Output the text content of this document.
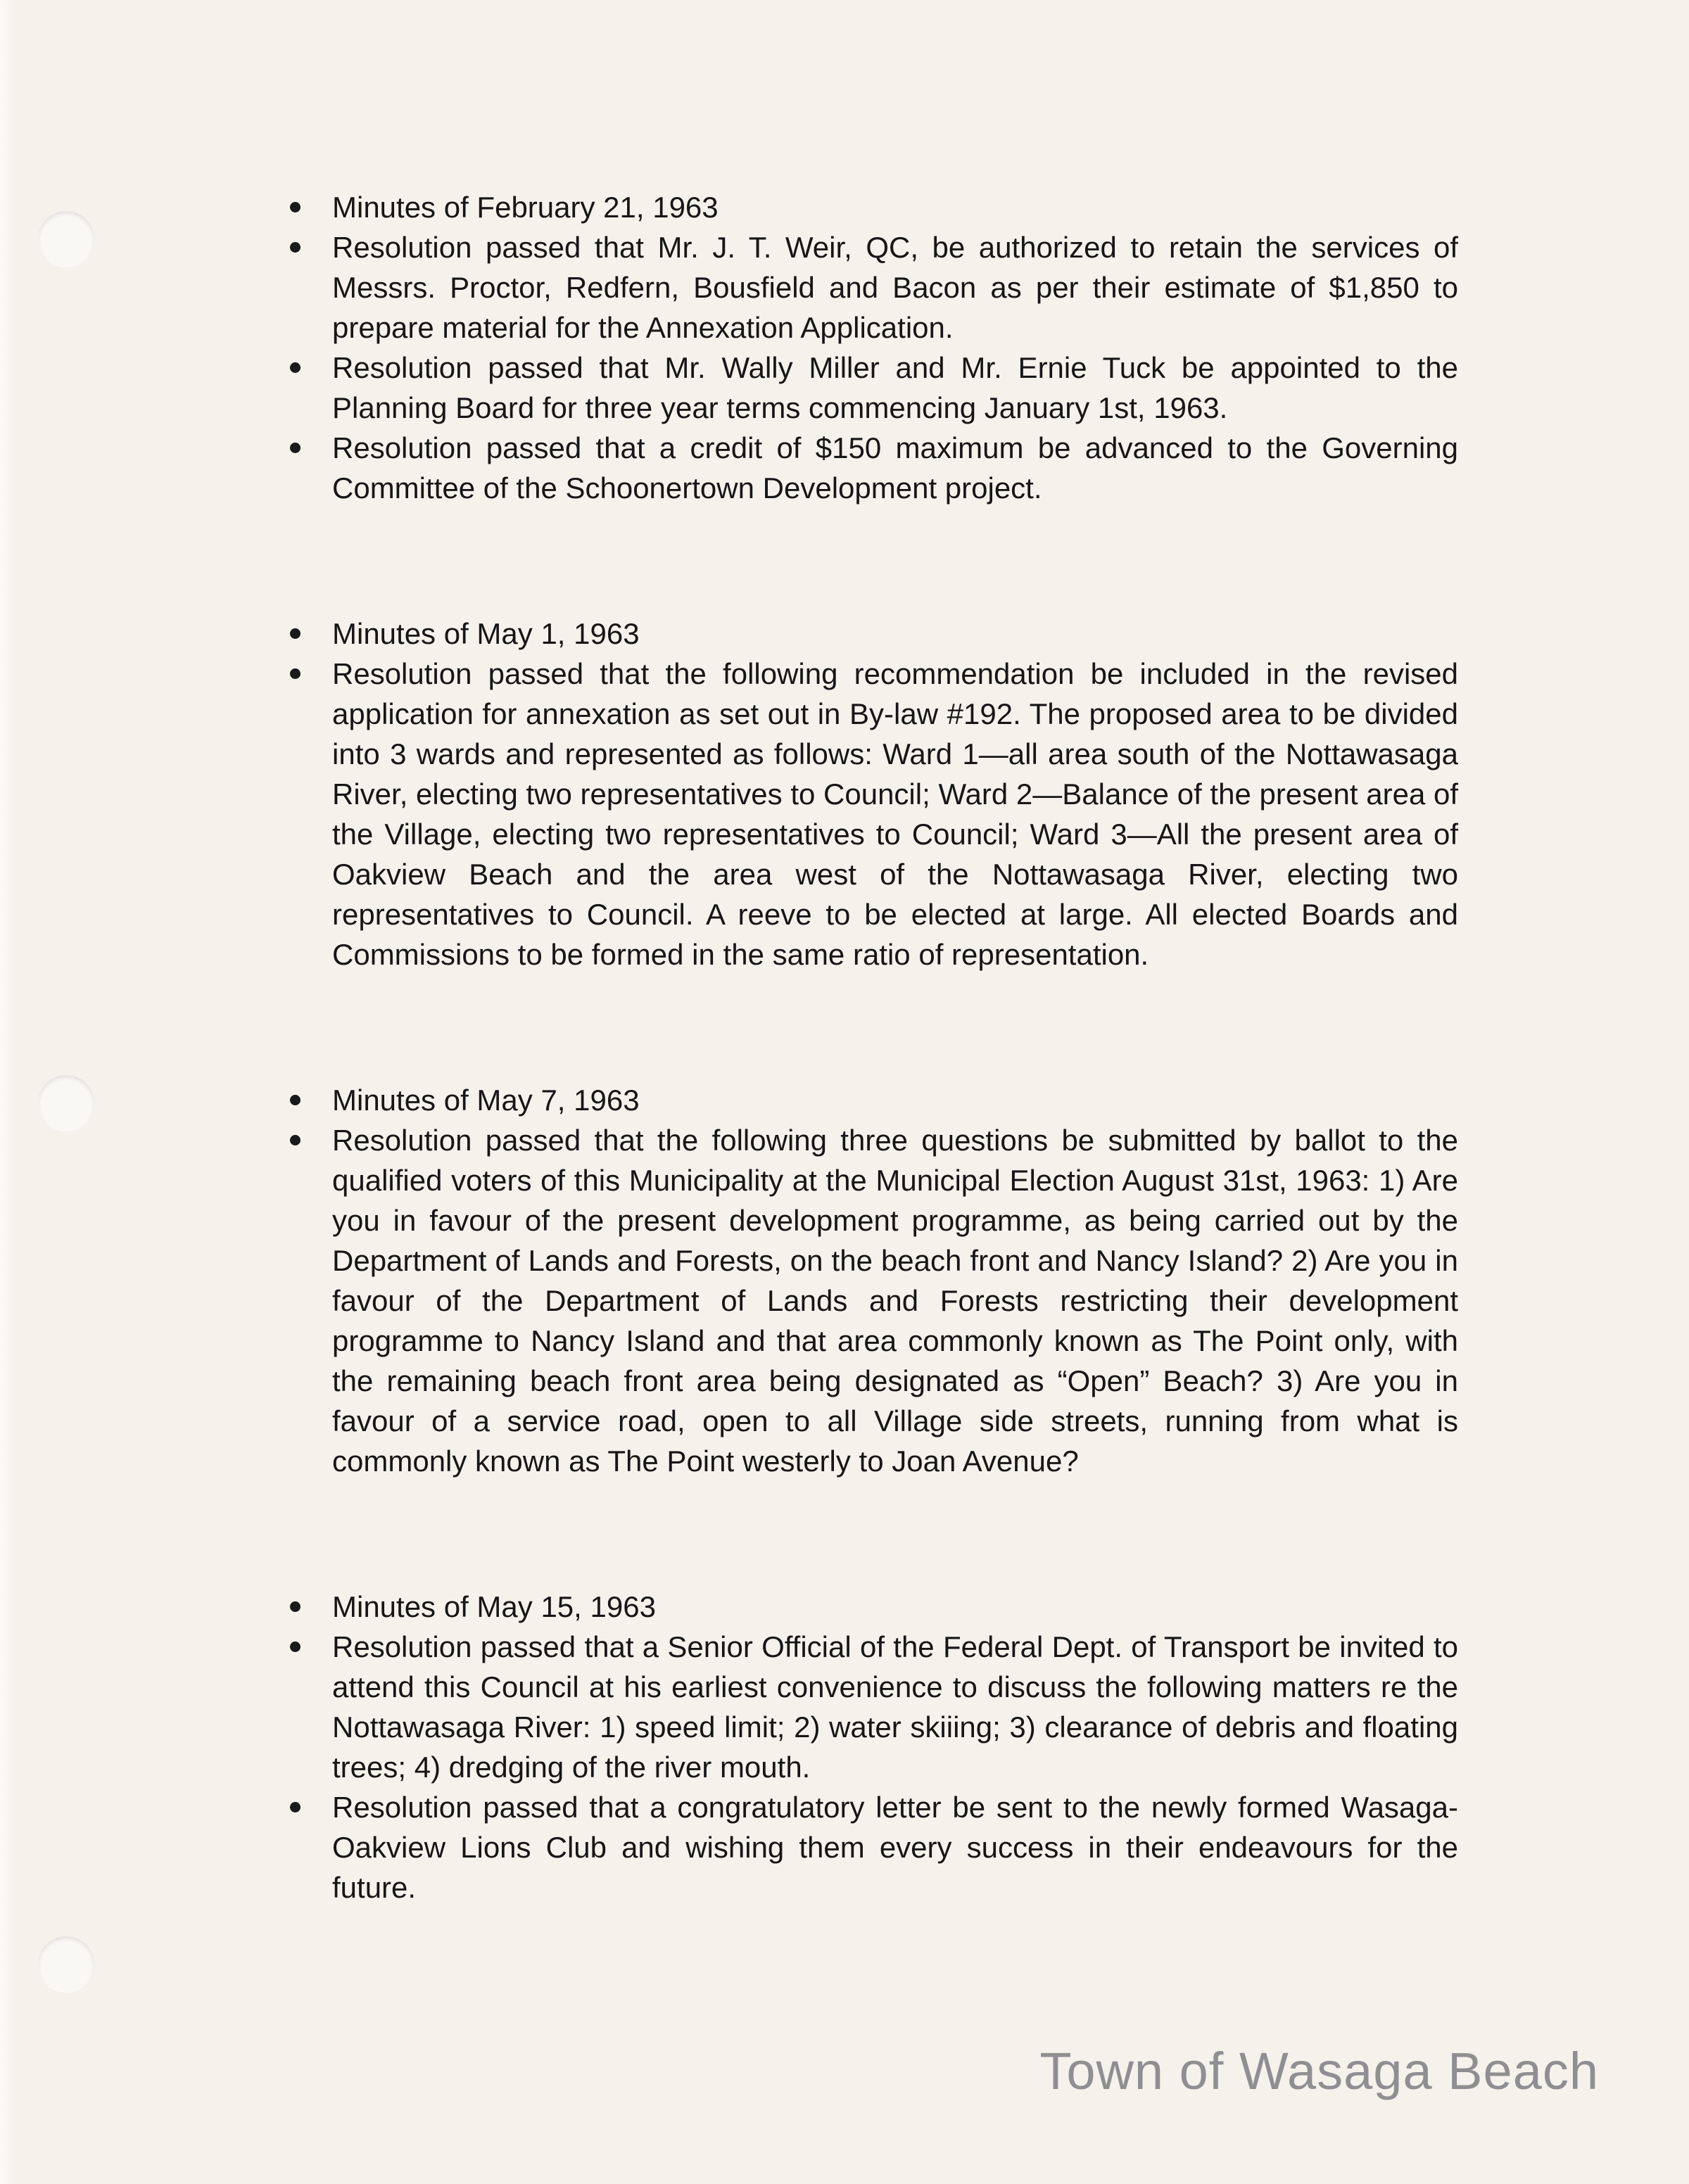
Minutes of February 21, 1963
Resolution passed that Mr. J. T. Weir, QC, be authorized to retain the services of Messrs. Proctor, Redfern, Bousfield and Bacon as per their estimate of $1,850 to prepare material for the Annexation Application.
Resolution passed that Mr. Wally Miller and Mr. Ernie Tuck be appointed to the Planning Board for three year terms commencing January 1st, 1963.
Resolution passed that a credit of $150 maximum be advanced to the Governing Committee of the Schoonertown Development project.
Minutes of May 1, 1963
Resolution passed that the following recommendation be included in the revised application for annexation as set out in By-law #192. The proposed area to be divided into 3 wards and represented as follows: Ward 1—all area south of the Nottawasaga River, electing two representatives to Council; Ward 2—Balance of the present area of the Village, electing two representatives to Council; Ward 3—All the present area of Oakview Beach and the area west of the Nottawasaga River, electing two representatives to Council. A reeve to be elected at large. All elected Boards and Commissions to be formed in the same ratio of representation.
Minutes of May 7, 1963
Resolution passed that the following three questions be submitted by ballot to the qualified voters of this Municipality at the Municipal Election August 31st, 1963: 1) Are you in favour of the present development programme, as being carried out by the Department of Lands and Forests, on the beach front and Nancy Island? 2) Are you in favour of the Department of Lands and Forests restricting their development programme to Nancy Island and that area commonly known as The Point only, with the remaining beach front area being designated as “Open” Beach? 3) Are you in favour of a service road, open to all Village side streets, running from what is commonly known as The Point westerly to Joan Avenue?
Minutes of May 15, 1963
Resolution passed that a Senior Official of the Federal Dept. of Transport be invited to attend this Council at his earliest convenience to discuss the following matters re the Nottawasaga River: 1) speed limit; 2) water skiiing; 3) clearance of debris and floating trees; 4) dredging of the river mouth.
Resolution passed that a congratulatory letter be sent to the newly formed Wasaga-Oakview Lions Club and wishing them every success in their endeavours for the future.
Town of Wasaga Beach
